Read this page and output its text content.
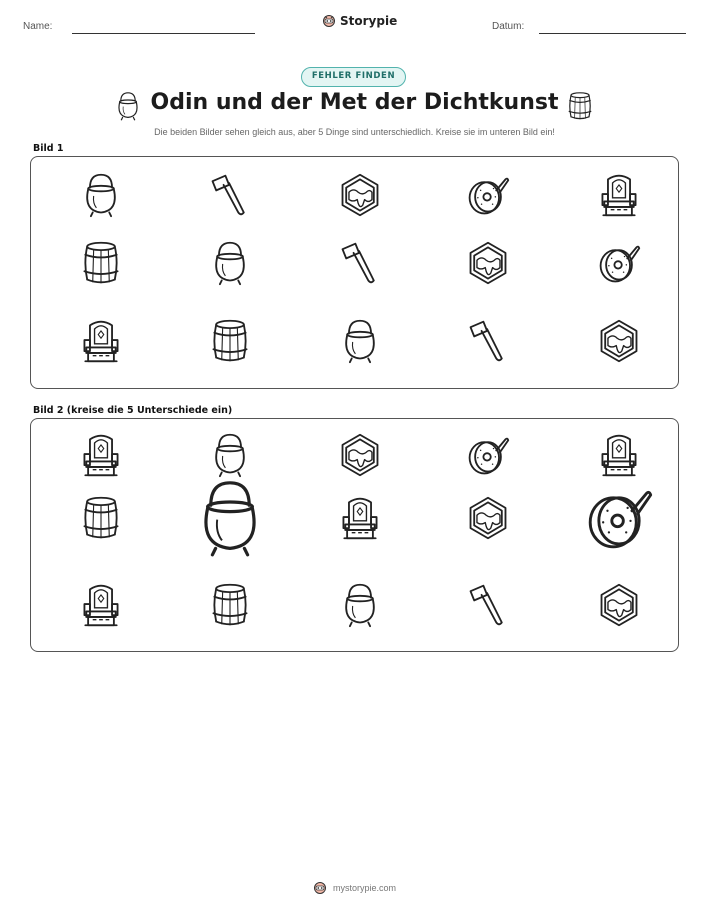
Name:	Storypie	Datum:
FEHLER FINDEN
Odin und der Met der Dichtkunst
Die beiden Bilder sehen gleich aus, aber 5 Dinge sind unterschiedlich. Kreise sie im unteren Bild ein!
Bild 1
Bild 2 (kreise die 5 Unterschiede ein)
mystorypie.com
